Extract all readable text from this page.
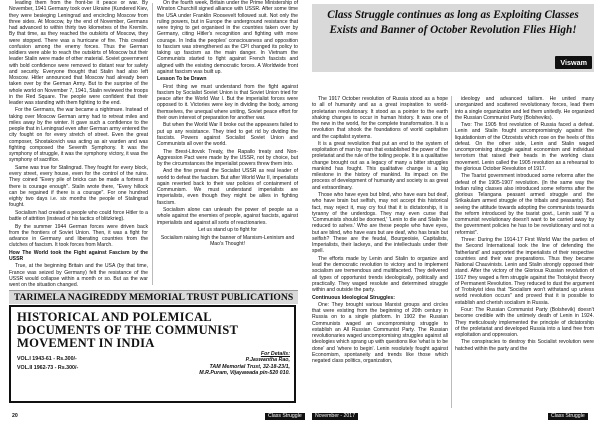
leading them from the front-be it peace or war. By November, 1941 Germany took over Ukraine (Kundered Kiev, they were besieging Leningrad and encircling Moscow from three sides. At Moscow, by the end of November, Germans had advanced to within thirty two kilometres of the Kremlin. By that time, as they reached the outskirts of Moscow, they were stopped. There was a hurricane of fire. This created confusion among the enemy forces. Thus the German soldiers were able to reach the outskirts of Moscow but their leader Stalin were made of other material. Soviet government with bold confidence were removed to distant rear for safety and security. Everyone thought that Stalin had also left Moscow. Hitler announced that Moscow had already been taken over by the German Army. But to the surprise of the whole world on November 7, 1941, Stalin reviewed the troops in the Red Square. The people were confident that their leader was standing with them fighting to the end.

For the Germans, the war became a nightmare. Instead of taking over Moscow German army had to retreat miles and miles away by the winter. It gave such a confidence to the people that in Leningrad even after German army entered the city fought on for every stretch of street. Even the great composer, Shostakovich was acting as air warden and was fighting composed the Seventh Symphony. It was the symphony of struggle, it was the symphony victory, it was the symphony of sacrifice.

Same was true for Stalingrad. They fought for every block, every street, every house, even for the control of the ruins. They coined "Every pile of bricks can be made a fortress if there is courage enough". Stalin wrote there, "Every hillock can be regained if there is a courage". For one hundred eighty two days i.e. six months the people of Stalingrad fought.

Socialism had created a people who could force Hitler to a battle of attrition (instead of his tactics of blitzkrieg).

By the summer 1944 German forces were driven back from the frontiers of Soviet Union. Then, it was a fight for advance in Germany and liberating countries from the clutches of fascism. It took forces from March.

How The World took the Fight against Fascism by the USSR

True, at the beginning Britain and the USA (by that time, France was seized by Germany) felt the resistance of the USSR would collapse within a month or so. But as the war went on the situation changed.

On the fourth week, Britain under the Prime Ministership of Winston Churchill signed alliance with USSR. After some time the USA under Franklin Roosevelt followed suit. Not only the ruling powers, but in Europe the underground resistance that were trying to get organised in the countries taken over by Germany, citing Hitler's recognition and fighting with more courage. In India the peoples' consciousness and opposition to fascism was strengthened as the CPI changed its policy to taking up fascism as the main danger. In Vietnam the Communists started to fight against French fascists and aligned with the existing democratic forces. A Worldwide front against fascism was built up.

Lesson To be Drawn

First thing we must understand from the fight against fascism by Socialist Soviet Union is that Soviet Union tried for peace after the World War I. But the imperialist forces were opposed to it. Victories were key in dividing the body, among themselves, the unequal where uniting, Soviet peace effort for their own interest of preparation for another war.

But when the World War II broke out the appeasers failed to put up any resistance. They tried to get rid by dividing the fascists. Powers against Socialist Soviet Union and Communists all over the world.

The Brest-Litovsk Treaty, the Rapallo treaty and Non-Aggression Pact were made by the USSR, not by choice, but by the circumstances the imperialist powers threw them into.

And the fine prevail the Socialist USSR as real leader of world to defeat the fascism. But after World War II, imperialists again reverted back to their war policies of containment of Communism. We must understand imperialists are imperialists, even though they might be allies in fighting fascism.

Socialism alone can unleash the power of people as a whole against the enemies of people, against fascists, against imperialists and against all sorts of reactionaries.

Let us stand up to fight for

Socialism raising high the banner of Marxism-Leninism and Mao's Thought!

TARIMELA NAGIREDDY MEMORIAL TRUST PUBLICATIONS
HISTORICAL AND POLEMICAL DOCUMENTS OF THE COMMUNIST MOVEMENT IN INDIA
VOL.I 1943-61 - Rs.300/-
VOL.II 1962-73 - Rs.300/-
For Details:
P.Jaswantha Rao,
TAM Memorial Trust, 32-18-23/1,
M.R.Puram, Vijayawada pin-520 010.
20	Class Struggle
Class Struggle continues as long as Exploiting Classes Exists and Banner of October Revolution Flies High!
Viswam

The 1917 October revolution of Russia stood as a hope to all of humanity and as a great inspiration to world-proletarian revolutionary. It stood as a pointer to the earth shaking changes to occur in human history. It was one of the new in the world, for the complete transformation. It is a revolution that shook the foundations of world capitalism and the capitalist systems.

It is a great revolution that put an end to the system of exploitation of man by man that established the power of the proletariat and the rule of the toiling people. It is a qualitative change brought out as a legacy of many a bitter struggles mankind has fought. This qualitative change is a big milestone in the history of mankind. Its impact on the process of development of humanity and society is as great and extraordinary.

Those who have eyes but blind, who have ears but deaf, who have brain but selfish, may not accept this historical fact, may reject it, may cry foul that it is dictatorship, it is tyranny of the underdogs. They may even curse that 'Communists should be doomed,' 'Lenin to die and Stalin be reduced to ashes.' Who are these people who have eyes, but are blind, who have ears but are deaf, who has brain but selfish? These are the feudal, Bourgeoisie, Capitalists, Imperialists, their lackeys, and the intellectuals under their spell.

The efforts made by Lenin and Stalin to organize and lead the democratic revolution to victory and to implement socialism are tremendous and multifaceted. They delivered all types of opportunist trends ideologically, politically and practically. They waged resolute and determined struggle within and outside the party.

Continuous Ideological Struggles:

One: They brought various Marxist groups and circles that were existing from the beginning of 20th century in Russia on to a single platform. In 1902 the Russian Communists waged an uncompromising struggle to establish an All Russian Communist Party. The Russian revolutionaries waged uncompromising struggles against all ideologies which sprang up with questions like 'what is to be done' and 'where to begin'. Lenin resolutely fought against Economism, spontaneity and trends like those which negated class politics, organization,

ideology and advanced tailism. He united many unorganized and scattered revolutionary forces, lead them into a single organization and led them unitedly. He organized the Russian Communist Party (Bolsheviks).

Two: The 1905 first revolution of Russia faced a defeat. Lenin and Stalin fought uncompromisingly against the liquidationism of the Otzovists which rose on the heels of this defeat. On the other side, Lenin and Stalin waged uncompromising struggle against economism and individual terrorism that raised their heads in the working class movement. Lenin called the 1905 revolution as a rehearsal to the glorious October Revolution of 1917.

The Tsarist government introduced some reforms after the defeat of the 1905-1907 revolution. (In the same way the Indian ruling classes also introduced some reforms after the glorious Telangana peasant armed struggle and the Srikakulam armed struggle of the tribals and peasants). But seeing the attitude towards adopting the communists towards the reform introduced by the tsarist govt., Lenin said "if a communist revolutionary doesn't want to be carried away by the government policies he has to be revolutionary and not a reformist".

Three: During the 1914-17 First World War the parties of the Second International took the line of defending the 'fatherland' and supported the imperialists of their respective countries and their war preparations. Thus they became National Chauvinists. Lenin and Stalin strongly opposed their stand. After the victory of the Glorious Russian revolution of 1917 they waged a firm struggle against the Trotskyist theory of Permanent Revolution. They reduced to dust the argument of Trotskyist idea that "Socialism won't withstand up unless world revolution occurs" and proved that it is possible to establish and cherish socialism in Russia.

Four: The Russian Communist Party (Bolshevik) doesn't become credible with the untimely death of Lenin in 1924. They meticulously implemented the principle of dictatorship of the proletariat and developed Russia into a land free from exploitation and oppression.

The conspiracies to destroy this Socialist revolution were hatched within the party and the

November - 2017	Class Struggle
